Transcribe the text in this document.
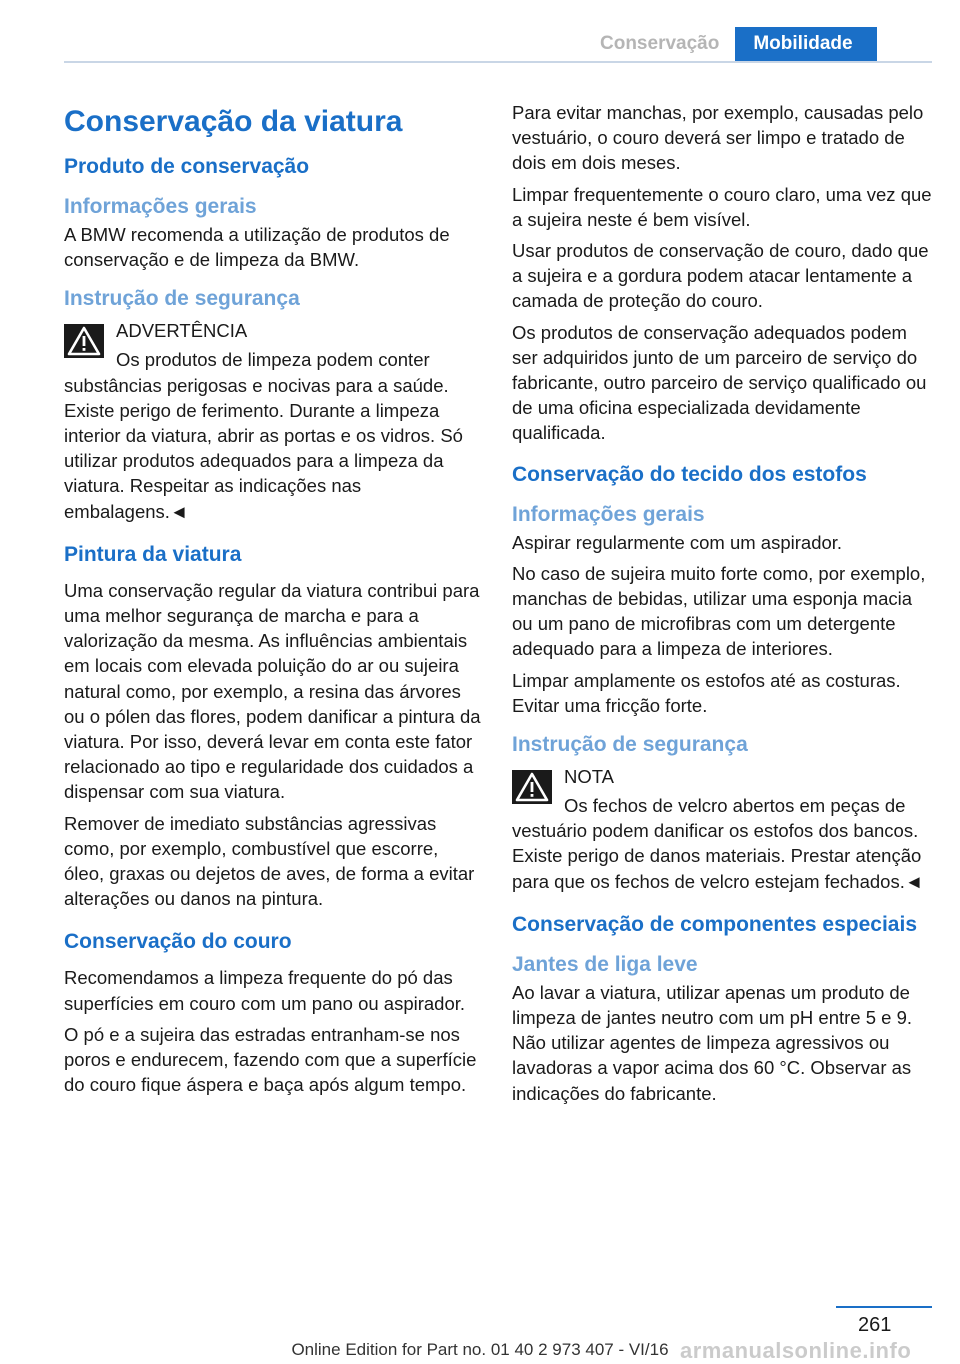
Conservação	Mobilidade
Conservação da viatura
Produto de conservação
Informações gerais

A BMW recomenda a utilização de produtos de conservação e de limpeza da BMW.

Instrução de segurança

ADVERTÊNCIA

Os produtos de limpeza podem conter substâncias perigosas e nocivas para a saúde. Existe perigo de ferimento. Durante a limpeza interior da viatura, abrir as portas e os vidros. Só utilizar produtos adequados para a limpeza da viatura. Respeitar as indicações nas embalagens.◄

Pintura da viatura

Uma conservação regular da viatura contribui para uma melhor segurança de marcha e para a valorização da mesma. As influências ambientais em locais com elevada poluição do ar ou sujeira natural como, por exemplo, a resina das árvores ou o pólen das flores, podem danificar a pintura da viatura. Por isso, deverá levar em conta este fator relacionado ao tipo e regularidade dos cuidados a dispensar com sua viatura.

Remover de imediato substâncias agressivas como, por exemplo, combustível que escorre, óleo, graxas ou dejetos de aves, de forma a evitar alterações ou danos na pintura.

Conservação do couro

Recomendamos a limpeza frequente do pó das superfícies em couro com um pano ou aspirador.

O pó e a sujeira das estradas entranham-se nos poros e endurecem, fazendo com que a superfície do couro fique áspera e baça após algum tempo.

Para evitar manchas, por exemplo, causadas pelo vestuário, o couro deverá ser limpo e tratado de dois em dois meses.

Limpar frequentemente o couro claro, uma vez que a sujeira neste é bem visível.

Usar produtos de conservação de couro, dado que a sujeira e a gordura podem atacar lentamente a camada de proteção do couro.

Os produtos de conservação adequados podem ser adquiridos junto de um parceiro de serviço do fabricante, outro parceiro de serviço qualificado ou de uma oficina especializada devidamente qualificada.

Conservação do tecido dos estofos
Informações gerais

Aspirar regularmente com um aspirador.

No caso de sujeira muito forte como, por exemplo, manchas de bebidas, utilizar uma esponja macia ou um pano de microfibras com um detergente adequado para a limpeza de interiores.

Limpar amplamente os estofos até as costuras. Evitar uma fricção forte.

Instrução de segurança

NOTA

Os fechos de velcro abertos em peças de vestuário podem danificar os estofos dos bancos. Existe perigo de danos materiais. Prestar atenção para que os fechos de velcro estejam fechados.◄

Conservação de componentes especiais
Jantes de liga leve

Ao lavar a viatura, utilizar apenas um produto de limpeza de jantes neutro com um pH entre 5 e 9. Não utilizar agentes de limpeza agressivos ou lavadoras a vapor acima dos 60 °C. Observar as indicações do fabricante.

261
Online Edition for Part no. 01 40 2 973 407 - VI/16 armanualsonline.info
